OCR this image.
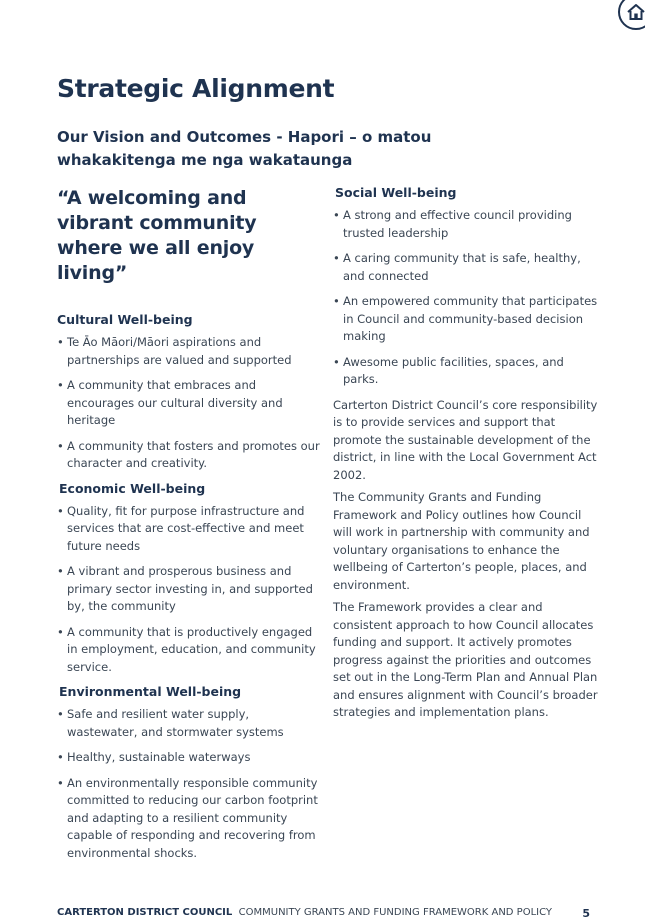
Strategic Alignment
Our Vision and Outcomes - Hapori – o matou whakakitenga me nga wakataunga

“A welcoming and vibrant community where we all enjoy living”

Cultural Well-being
• Te Āo Māori/Māori aspirations and partnerships are valued and supported
• A community that embraces and encourages our cultural diversity and heritage
• A community that fosters and promotes our character and creativity.
Economic Well-being
• Quality, fit for purpose infrastructure and services that are cost-effective and meet future needs
• A vibrant and prosperous business and primary sector investing in, and supported by, the community
• A community that is productively engaged in employment, education, and community service.
Environmental Well-being
• Safe and resilient water supply, wastewater, and stormwater systems
• Healthy, sustainable waterways
• An environmentally responsible community committed to reducing our carbon footprint and adapting to a resilient community capable of responding and recovering from environmental shocks.
Social Well-being
• A strong and effective council providing trusted leadership
• A caring community that is safe, healthy, and connected
• An empowered community that participates in Council and community-based decision making
• Awesome public facilities, spaces, and parks.

Carterton District Council’s core responsibility is to provide services and support that promote the sustainable development of the district, in line with the Local Government Act 2002.

The Community Grants and Funding Framework and Policy outlines how Council will work in partnership with community and voluntary organisations to enhance the wellbeing of Carterton’s people, places, and environment.

The Framework provides a clear and consistent approach to how Council allocates funding and support. It actively promotes progress against the priorities and outcomes set out in the Long-Term Plan and Annual Plan and ensures alignment with Council’s broader strategies and implementation plans.

CARTERTON DISTRICT COUNCIL COMMUNITY GRANTS AND FUNDING FRAMEWORK AND POLICY	5
